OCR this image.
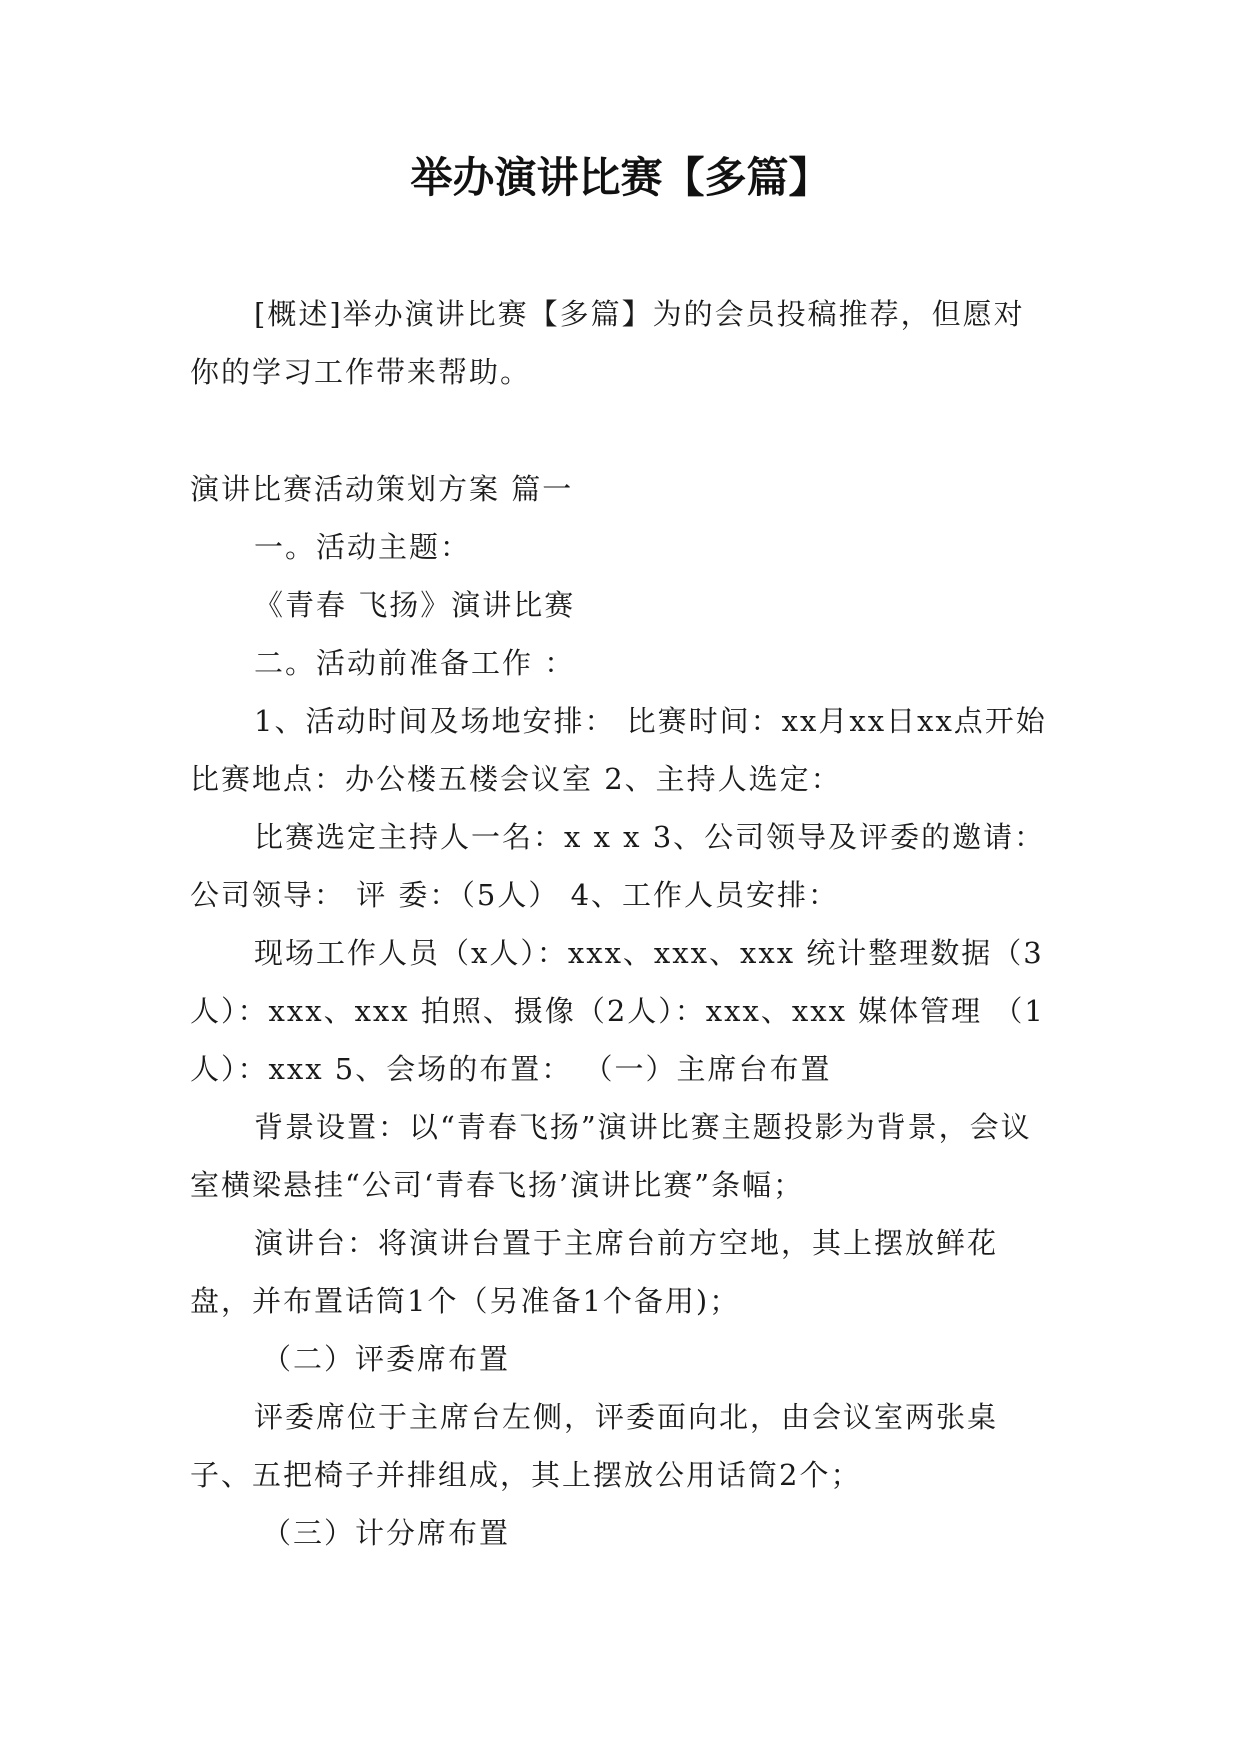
举办演讲比赛【多篇】

[概述]举办演讲比赛【多篇】为的会员投稿推荐，但愿对你的学习工作带来帮助。

演讲比赛活动策划方案 篇一

一。活动主题：

《青春 飞扬》演讲比赛

二。活动前准备工作 ：

1、活动时间及场地安排： 比赛时间：xx月xx日xx点开始 比赛地点：办公楼五楼会议室 2、主持人选定：

比赛选定主持人一名：x x x 3、公司领导及评委的邀请： 公司领导： 评 委：（5人） 4、工作人员安排：

现场工作人员（x人）：xxx、xxx、xxx 统计整理数据（3人）：xxx、xxx 拍照、摄像（2人）：xxx、xxx 媒体管理 （1人）：xxx 5、会场的布置： （一）主席台布置

背景设置：以“青春飞扬”演讲比赛主题投影为背景，会议室横梁悬挂“公司‘青春飞扬’演讲比赛”条幅；

演讲台：将演讲台置于主席台前方空地，其上摆放鲜花盘，并布置话筒1个（另准备1个备用)；

（二）评委席布置

评委席位于主席台左侧，评委面向北，由会议室两张桌子、五把椅子并排组成，其上摆放公用话筒2个；

（三）计分席布置
